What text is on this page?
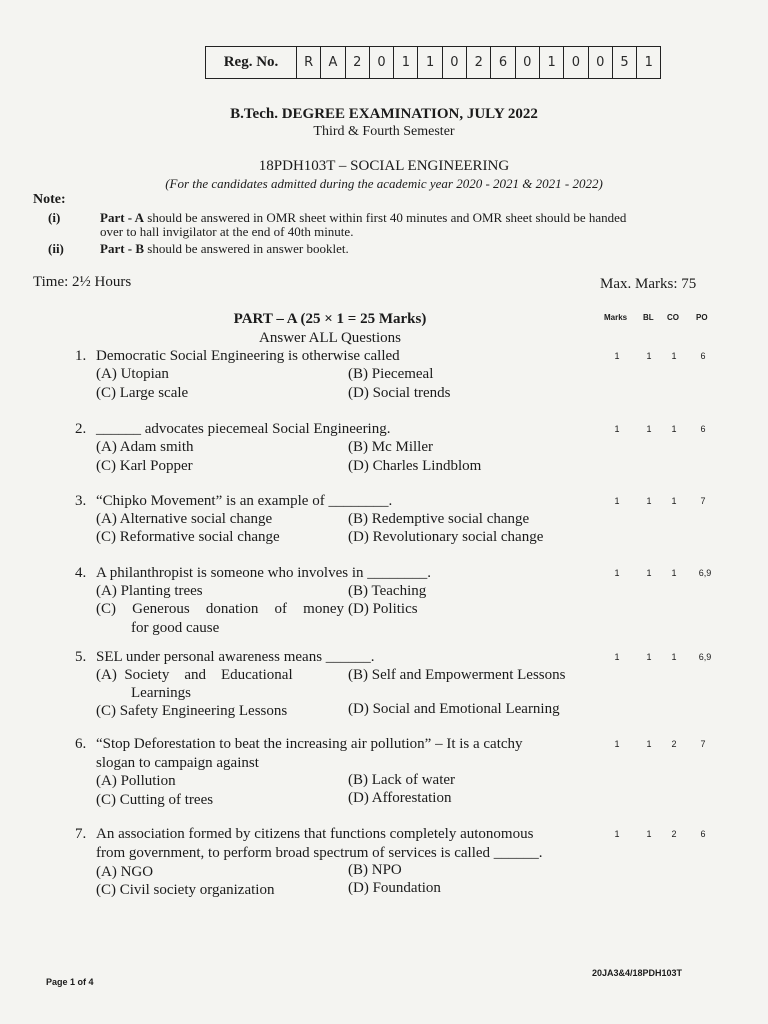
Reg. No.	R	A	2	0	1	1	0	2	6	0	1	0	0	5	1
B.Tech. DEGREE EXAMINATION, JULY 2022
Third & Fourth Semester
18PDH103T – SOCIAL ENGINEERING
(For the candidates admitted during the academic year 2020 - 2021 & 2021 - 2022)
Note:
(i)	Part - A should be answered in OMR sheet within first 40 minutes and OMR sheet should be handed
over to hall invigilator at the end of 40th minute.
(ii)	Part - B should be answered in answer booklet.
Time: 2½ Hours	Max. Marks: 75
PART – A (25 × 1 = 25 Marks)
Answer ALL Questions
Marks BL CO PO
1. Democratic Social Engineering is otherwise called
(A) Utopian	(B) Piecemeal
(C) Large scale	(D) Social trends
1	1	1	6
2. ______ advocates piecemeal Social Engineering.
(A) Adam smith	(B) Mc Miller
(C) Karl Popper	(D) Charles Lindblom
1	1	1	6
3. “Chipko Movement” is an example of ________.
(A) Alternative social change	(B) Redemptive social change
(C) Reformative social change	(D) Revolutionary social change
1	1	1	7
4. A philanthropist is someone who involves in ________.
(A) Planting trees	(B) Teaching
(C) Generous donation of money
for good cause
(D) Politics
1	1	1	6,9
5. SEL under personal awareness means ______.
(A)  Society    and    Educational
Learnings
(B) Self and Empowerment Lessons
(C) Safety Engineering Lessons	(D) Social and Emotional Learning
1	1	1	6,9
6. “Stop Deforestation to beat the increasing air pollution” – It is a catchy
slogan to campaign against
(A) Pollution	(B) Lack of water
(C) Cutting of trees	(D) Afforestation
1	1	2	7
7. An association formed by citizens that functions completely autonomous
from government, to perform broad spectrum of services is called ______.
(A) NGO	(B) NPO
(C) Civil society organization	(D) Foundation
1	1	2	6
Page 1 of 4
20JA3&4/18PDH103T
